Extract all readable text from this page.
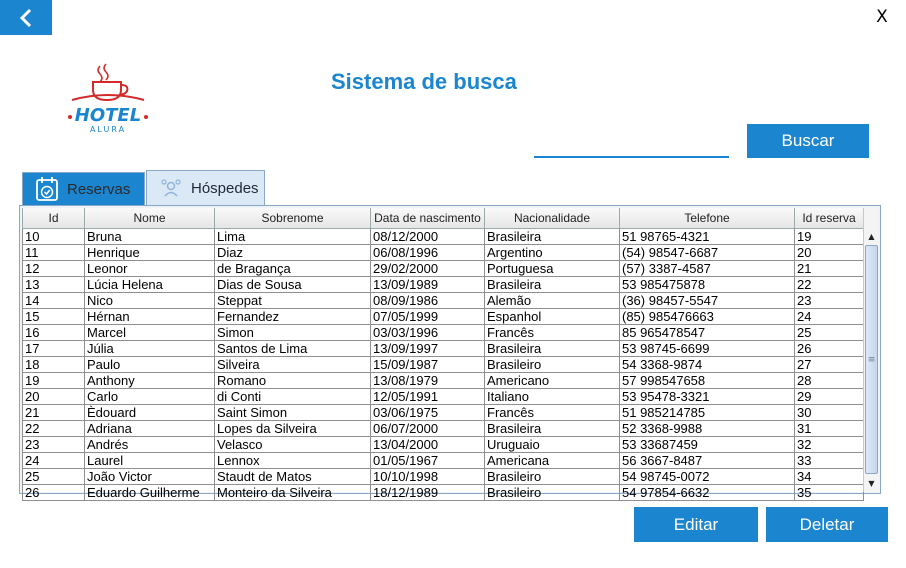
X
HOTEL
ALURA
Sistema de busca
Buscar
Reservas	Hóspedes
Id	Nome	Sobrenome	Data de nascimento	Nacionalidade	Telefone	Id reserva
10	Bruna	Lima	08/12/2000	Brasileira	51 98765-4321	19
11	Henrique	Diaz	06/08/1996	Argentino	(54) 98547-6687	20
12	Leonor	de Bragança	29/02/2000	Portuguesa	(57) 3387-4587	21
13	Lúcia Helena	Dias de Sousa	13/09/1989	Brasileira	53 985475878	22
14	Nico	Steppat	08/09/1986	Alemão	(36) 98457-5547	23
15	Hérnan	Fernandez	07/05/1999	Espanhol	(85) 985476663	24
16	Marcel	Simon	03/03/1996	Francês	85 965478547	25
17	Júlia	Santos de Lima	13/09/1997	Brasileira	53 98745-6699	26
18	Paulo	Silveira	15/09/1987	Brasileiro	54 3368-9874	27
19	Anthony	Romano	13/08/1979	Americano	57 998547658	28
20	Carlo	di Conti	12/05/1991	Italiano	53 95478-3321	29
21	Èdouard	Saint Simon	03/06/1975	Francês	51 985214785	30
22	Adriana	Lopes da Silveira	06/07/2000	Brasileira	52 3368-9988	31
23	Andrés	Velasco	13/04/2000	Uruguaio	53 33687459	32
24	Laurel	Lennox	01/05/1967	Americana	56 3667-8487	33
25	João Victor	Staudt de Matos	10/10/1998	Brasileiro	54 98745-0072	34
26	Eduardo Guilherme	Monteiro da Silveira	18/12/1989	Brasileiro	54 97854-6632	35
▲
≡
▼
Editar	Deletar
